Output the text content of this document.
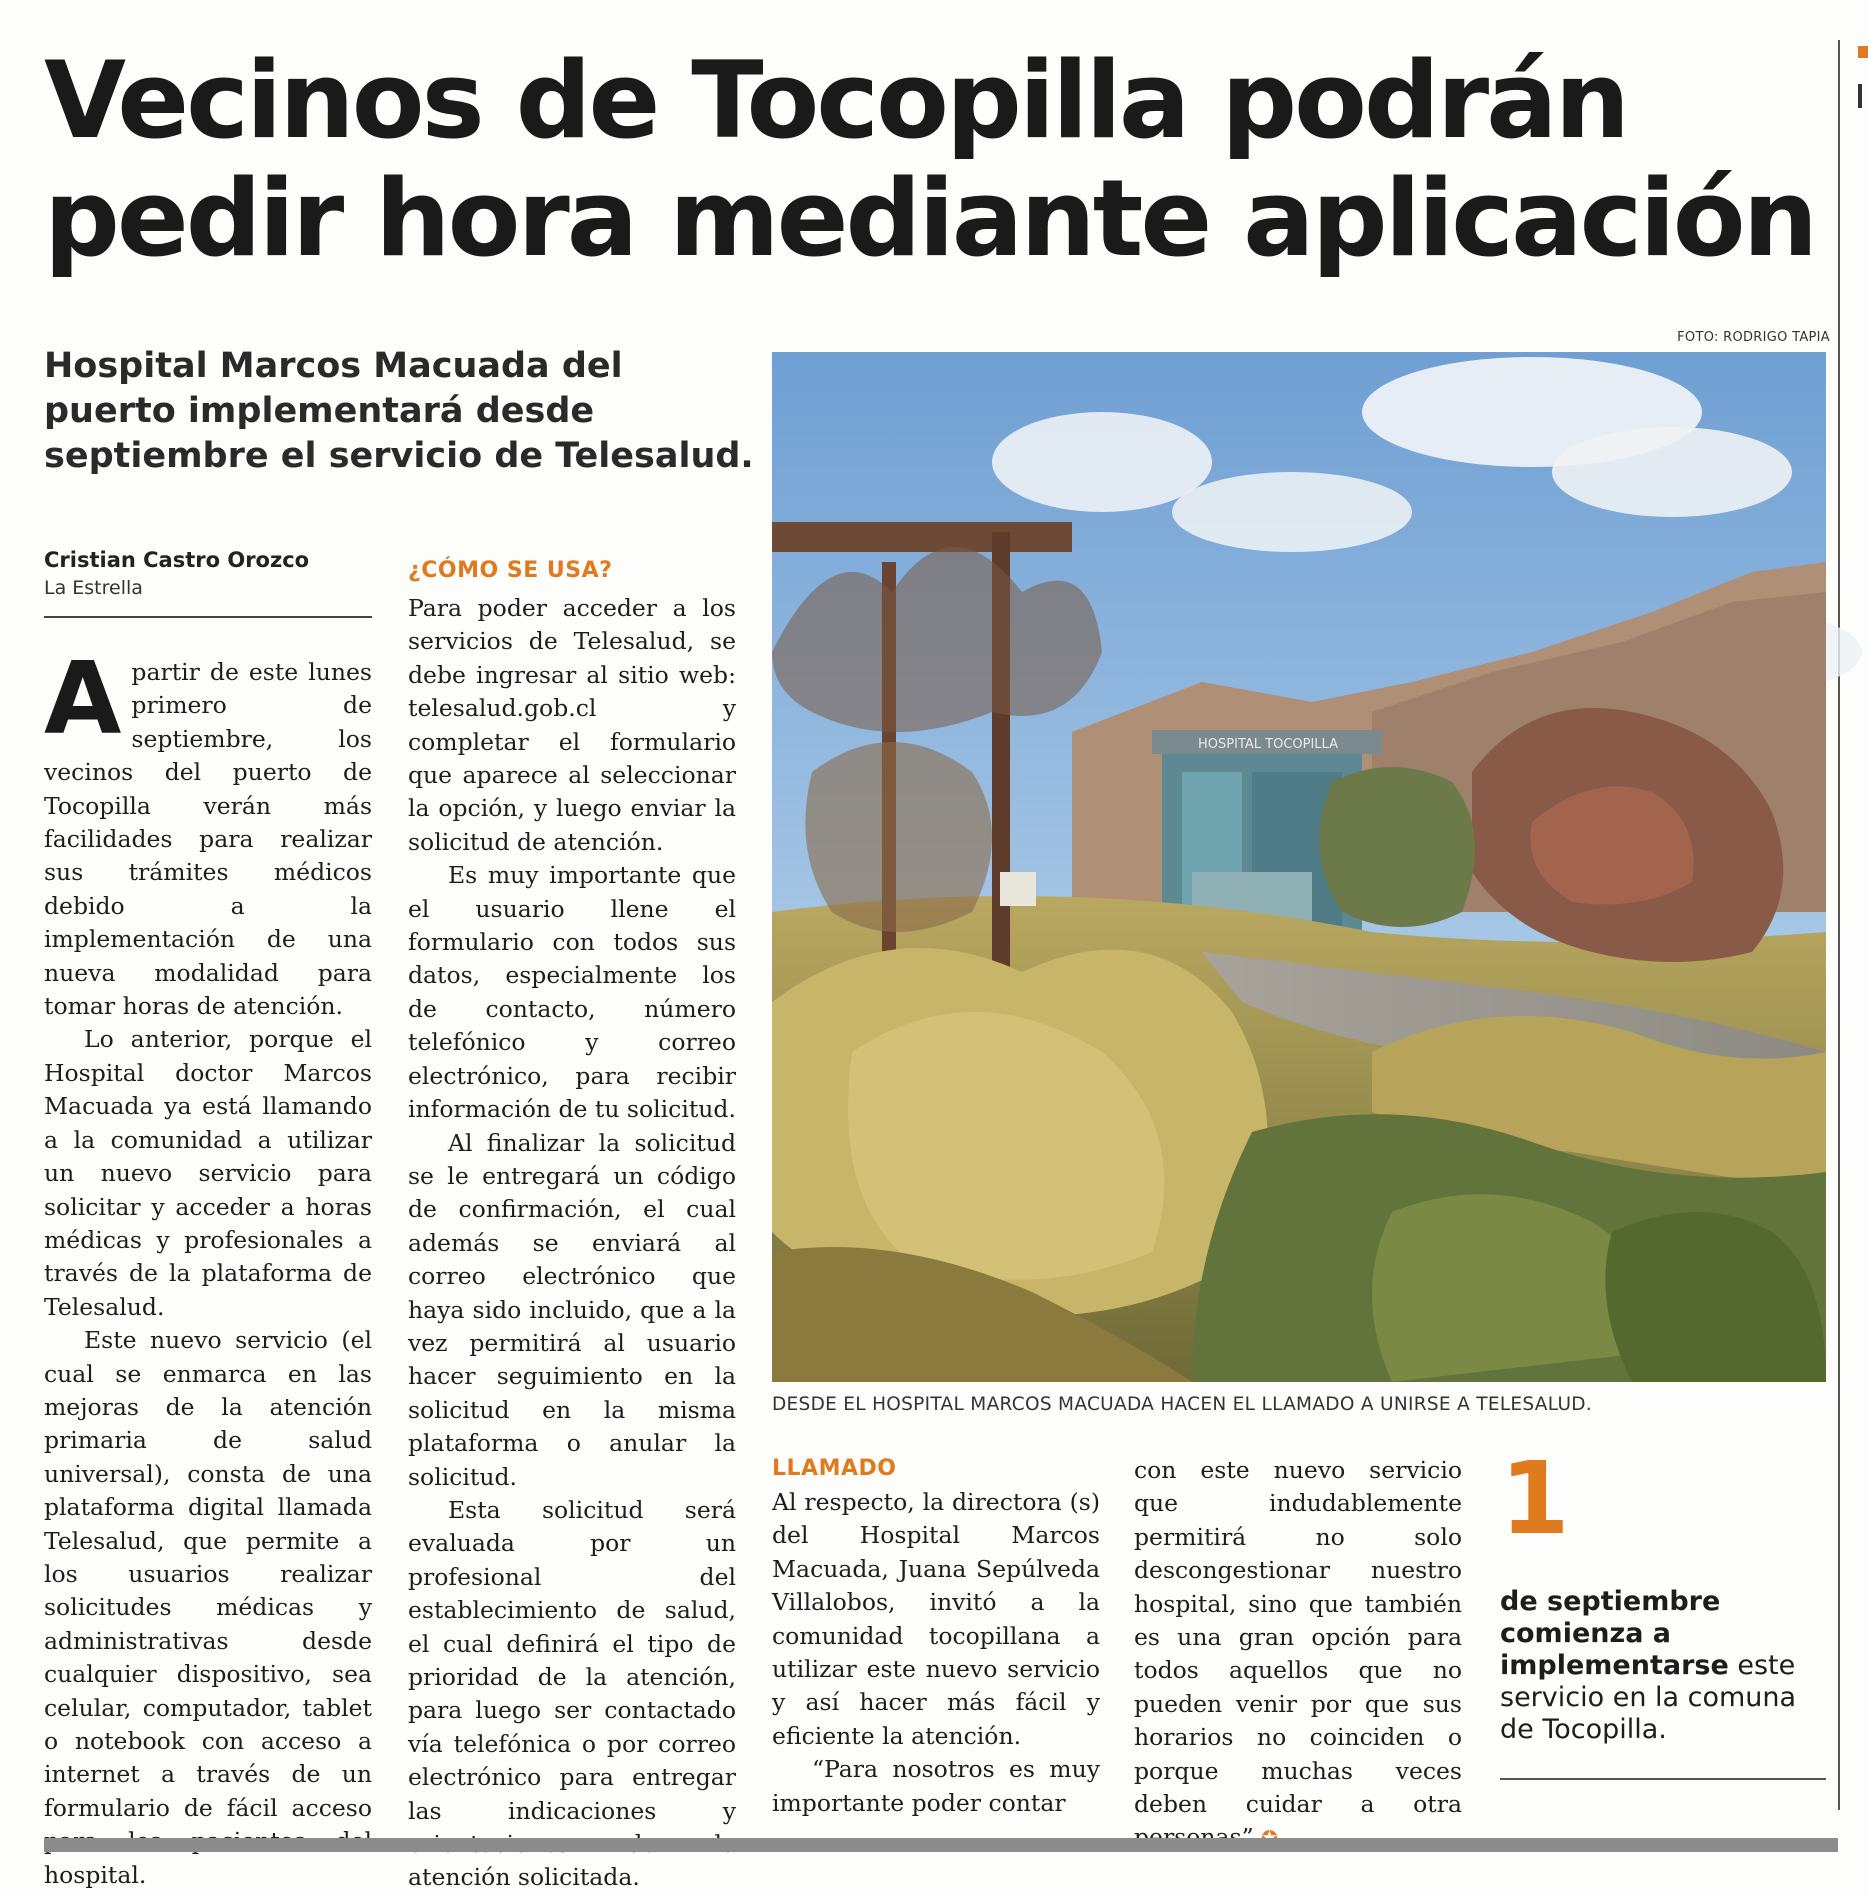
Vecinos de Tocopilla podrán
pedir hora mediante aplicación
FOTO: RODRIGO TAPIA
Hospital Marcos Macuada del
puerto implementará desde
septiembre el servicio de Telesalud.
Cristian Castro Orozco
La Estrella

Apartir de este lunes primero de septiembre, los vecinos del puerto de Tocopilla verán más facilidades para realizar sus trámites médicos debido a la implementación de una nueva modalidad para tomar horas de atención.

Lo anterior, porque el Hospital doctor Marcos Macuada ya está llamando a la comunidad a utilizar un nuevo servicio para solicitar y acceder a horas médicas y profesionales a través de la plataforma de Telesalud.

Este nuevo servicio (el cual se enmarca en las mejoras de la atención primaria de salud universal), consta de una plataforma digital llamada Telesalud, que permite a los usuarios realizar solicitudes médicas y administrativas desde cualquier dispositivo, sea celular, computador, tablet o notebook con acceso a internet a través de un formulario de fácil acceso hospital.

¿CÓMO SE USA?

Para poder acceder a los servicios de Telesalud, se debe ingresar al sitio web: telesalud.gob.cl y completar el formulario que aparece al seleccionar la opción, y luego enviar la solicitud de atención.

Es muy importante que el usuario llene el formulario con todos sus datos, especialmente los de contacto, número telefónico y correo electrónico, para recibir información de tu solicitud.

Al finalizar la solicitud se le entregará un código de confirmación, el cual además se enviará al correo electrónico que haya sido incluido, que a la vez permitirá al usuario hacer seguimiento en la solicitud en la misma plataforma o anular la solicitud.

Esta solicitud será evaluada por un profesional del establecimiento de salud, el cual definirá el tipo de prioridad de la atención, para luego ser contactado vía telefónica o por correo electrónico para entregar las indicaciones y atención solicitada.

HOSPITAL TOCOPILLA
DESDE EL HOSPITAL MARCOS MACUADA HACEN EL LLAMADO A UNIRSE A TELESALUD.
LLAMADO

Al respecto, la directora (s) del Hospital Marcos Macuada, Juana Sepúlveda Villalobos, invitó a la comunidad tocopillana a utilizar este nuevo servicio y así hacer más fácil y eficiente la atención.

“Para nosotros es muy importante poder contar

con este nuevo servicio que indudablemente permitirá no solo descongestionar nuestro hospital, sino que también es una gran opción para todos aquellos que no pueden venir por que sus horarios no coinciden o porque muchas veces deben cuidar a otra

1
de septiembre comienza a implementarse este servicio en la comuna de Tocopilla.
